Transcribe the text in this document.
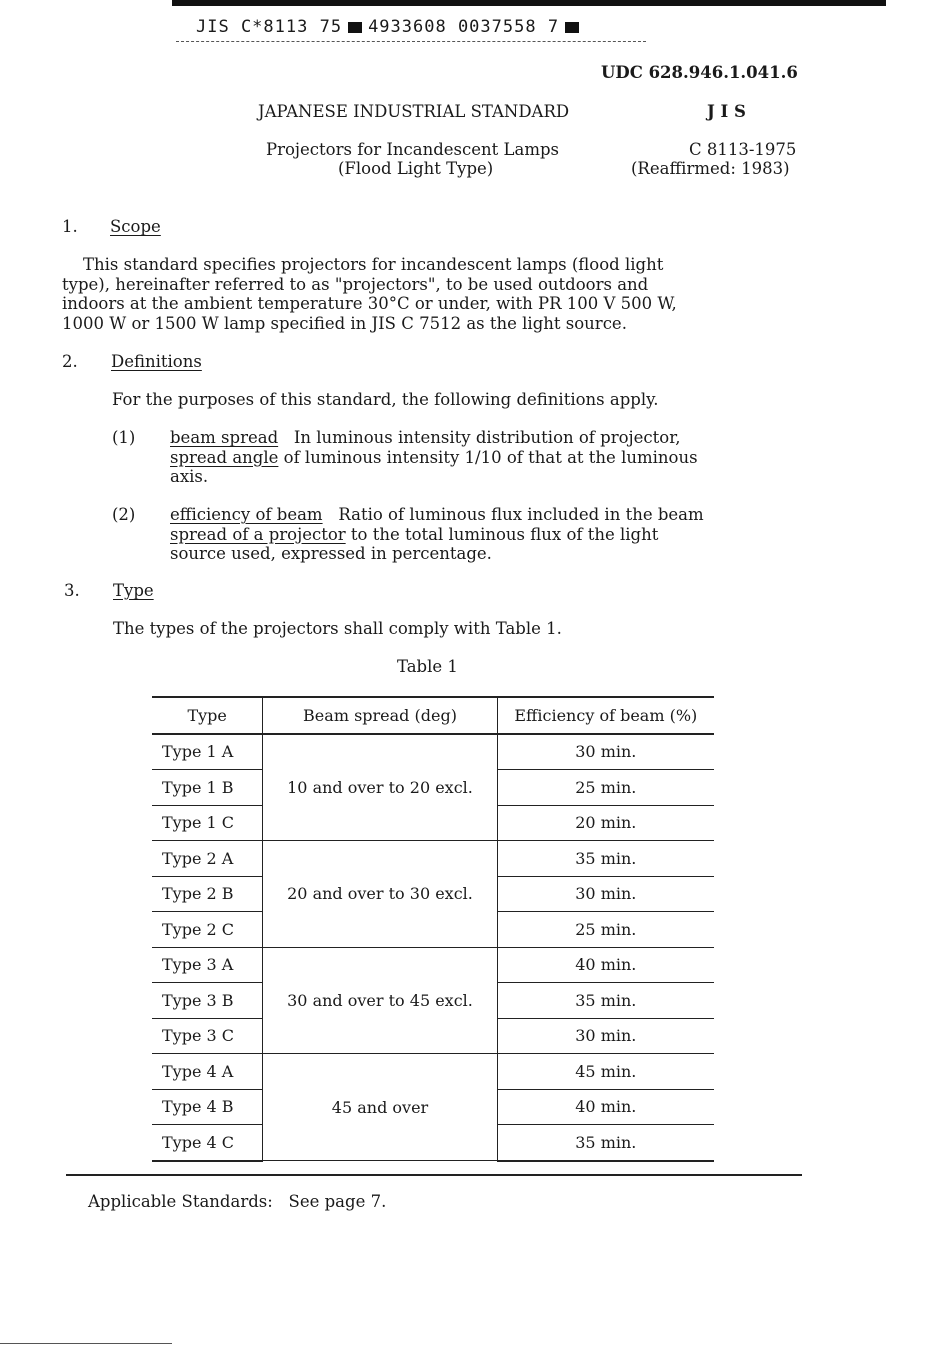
JIS C*8113 75 4933608 0037558 7
UDC 628.946.1.041.6
JAPANESE INDUSTRIAL STANDARD	J I S
Projectors for Incandescent Lamps
(Flood Light Type)
C 8113-1975
(Reaffirmed: 1983)
1. Scope
This standard specifies projectors for incandescent lamps (flood light
type), hereinafter referred to as "projectors", to be used outdoors and
indoors at the ambient temperature 30°C or under, with PR 100 V 500 W,
1000 W or 1500 W lamp specified in JIS C 7512 as the light source.
2. Definitions
For the purposes of this standard, the following definitions apply.
(1) beam spread In luminous intensity distribution of projector,
spread angle of luminous intensity 1/10 of that at the luminous
axis.
(2) efficiency of beam Ratio of luminous flux included in the beam
spread of a projector to the total luminous flux of the light
source used, expressed in percentage.
3. Type
The types of the projectors shall comply with Table 1.
Table 1
Type	Beam spread (deg)	Efficiency of beam (%)
Type 1 A	10 and over to 20 excl.	30 min.
Type 1 B		25 min.
Type 1 C		20 min.
Type 2 A	20 and over to 30 excl.	35 min.
Type 2 B		30 min.
Type 2 C		25 min.
Type 3 A	30 and over to 45 excl.	40 min.
Type 3 B		35 min.
Type 3 C		30 min.
Type 4 A	45 and over	45 min.
Type 4 B		40 min.
Type 4 C		35 min.
Applicable Standards: See page 7.
